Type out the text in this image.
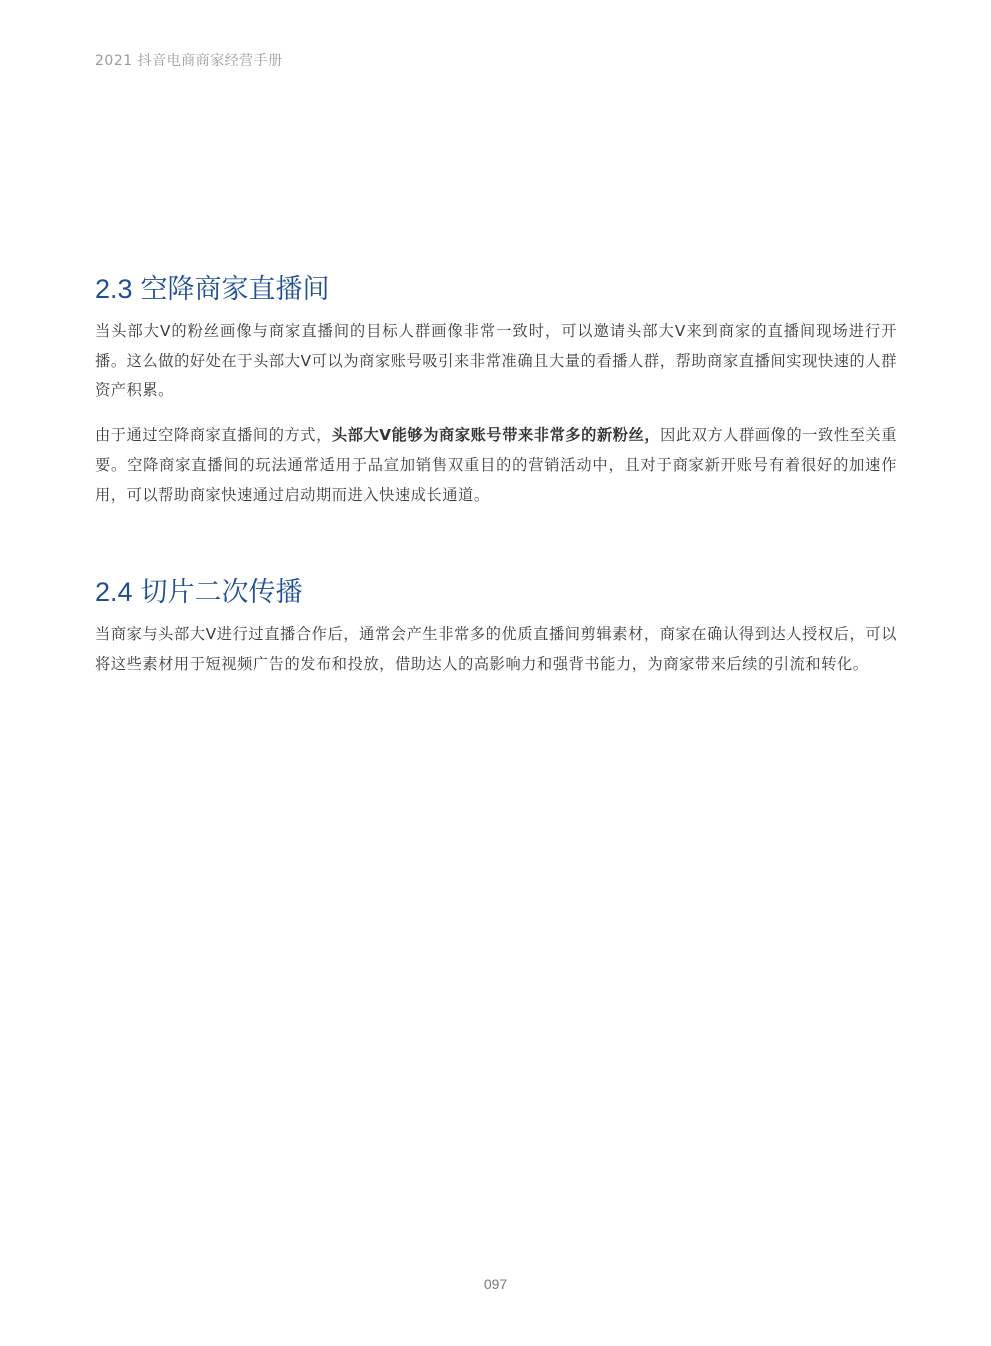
2021 抖音电商商家经营手册
2.3 空降商家直播间

当头部大Ⅴ的粉丝画像与商家直播间的目标人群画像非常一致时，可以邀请头部大Ⅴ来到商家的直播间现场进行开播。这么做的好处在于头部大Ⅴ可以为商家账号吸引来非常准确且大量的看播人群，帮助商家直播间实现快速的人群资产积累。

由于通过空降商家直播间的方式，头部大Ⅴ能够为商家账号带来非常多的新粉丝，因此双方人群画像的一致性至关重要。空降商家直播间的玩法通常适用于品宣加销售双重目的的营销活动中，且对于商家新开账号有着很好的加速作用，可以帮助商家快速通过启动期而进入快速成长通道。

2.4 切片二次传播

当商家与头部大Ⅴ进行过直播合作后，通常会产生非常多的优质直播间剪辑素材，商家在确认得到达人授权后，可以将这些素材用于短视频广告的发布和投放，借助达人的高影响力和强背书能力，为商家带来后续的引流和转化。

097
